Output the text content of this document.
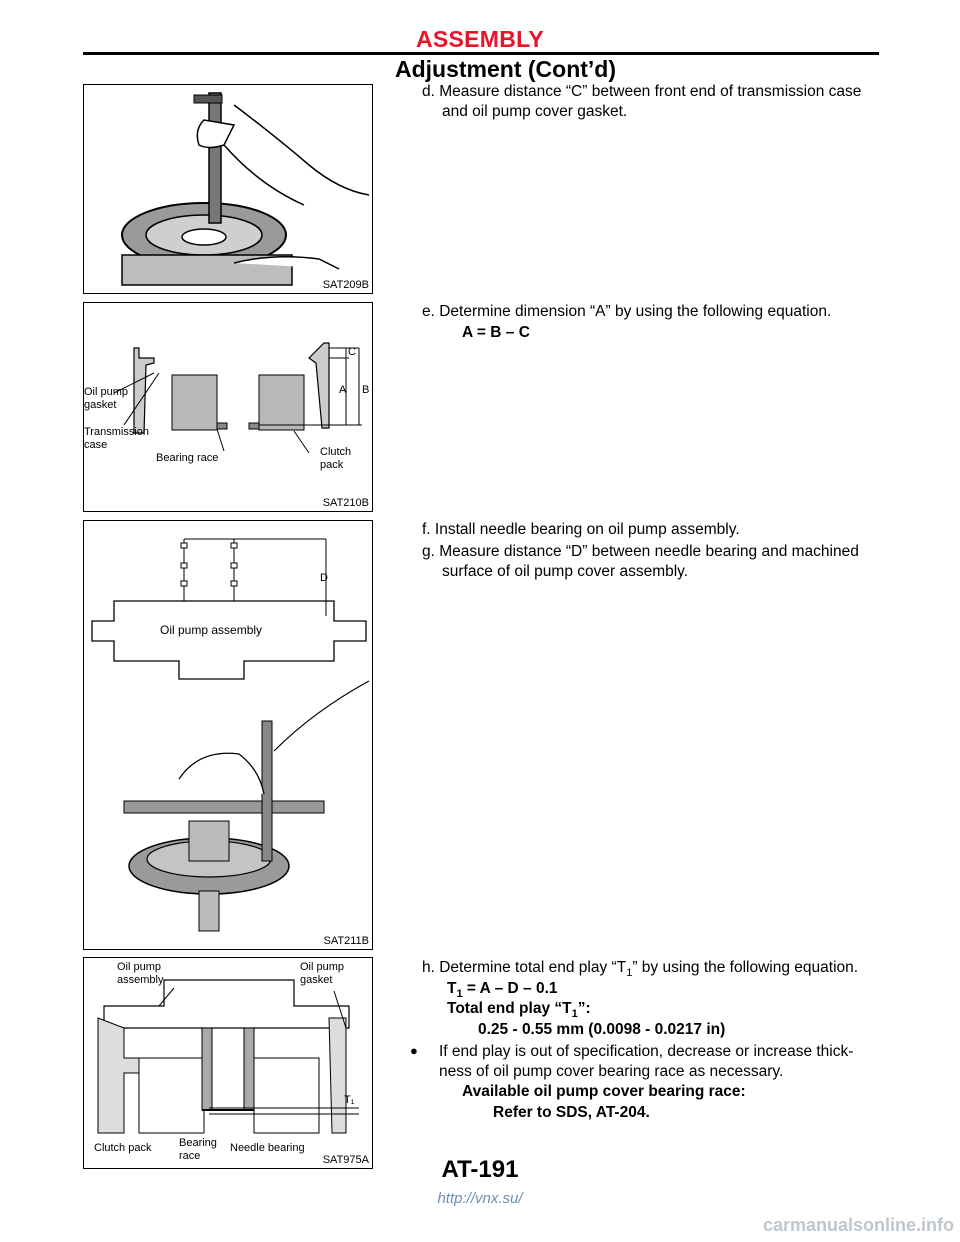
ASSEMBLY
Adjustment (Cont’d)
SAT209B
Oil pump
gasket
Transmission
case
Bearing race	Clutch
pack
C
A B
SAT210B
D
Oil pump assembly
SAT211B
Oil pump
assembly
Oil pump
gasket
Clutch pack	Bearing
race
Needle bearing
T₁
SAT975A
d. Measure distance “C” between front end of transmission case
and oil pump cover gasket.
e. Determine dimension “A” by using the following equation.
A = B – C
f. Install needle bearing on oil pump assembly.
g. Measure distance “D” between needle bearing and machined
surface of oil pump cover assembly.
h. Determine total end play “$T_1$” by using the following equation.
$T_1 = A - D - 0.1$
Total end play “$T_1$”:
0.25 - 0.55 mm (0.0098 - 0.0217 in)
● If end play is out of specification, decrease or increase thick-
ness of oil pump cover bearing race as necessary.
Available oil pump cover bearing race:
Refer to SDS, AT-204.
AT-191
http://vnx.su/
carmanualsonline.info
